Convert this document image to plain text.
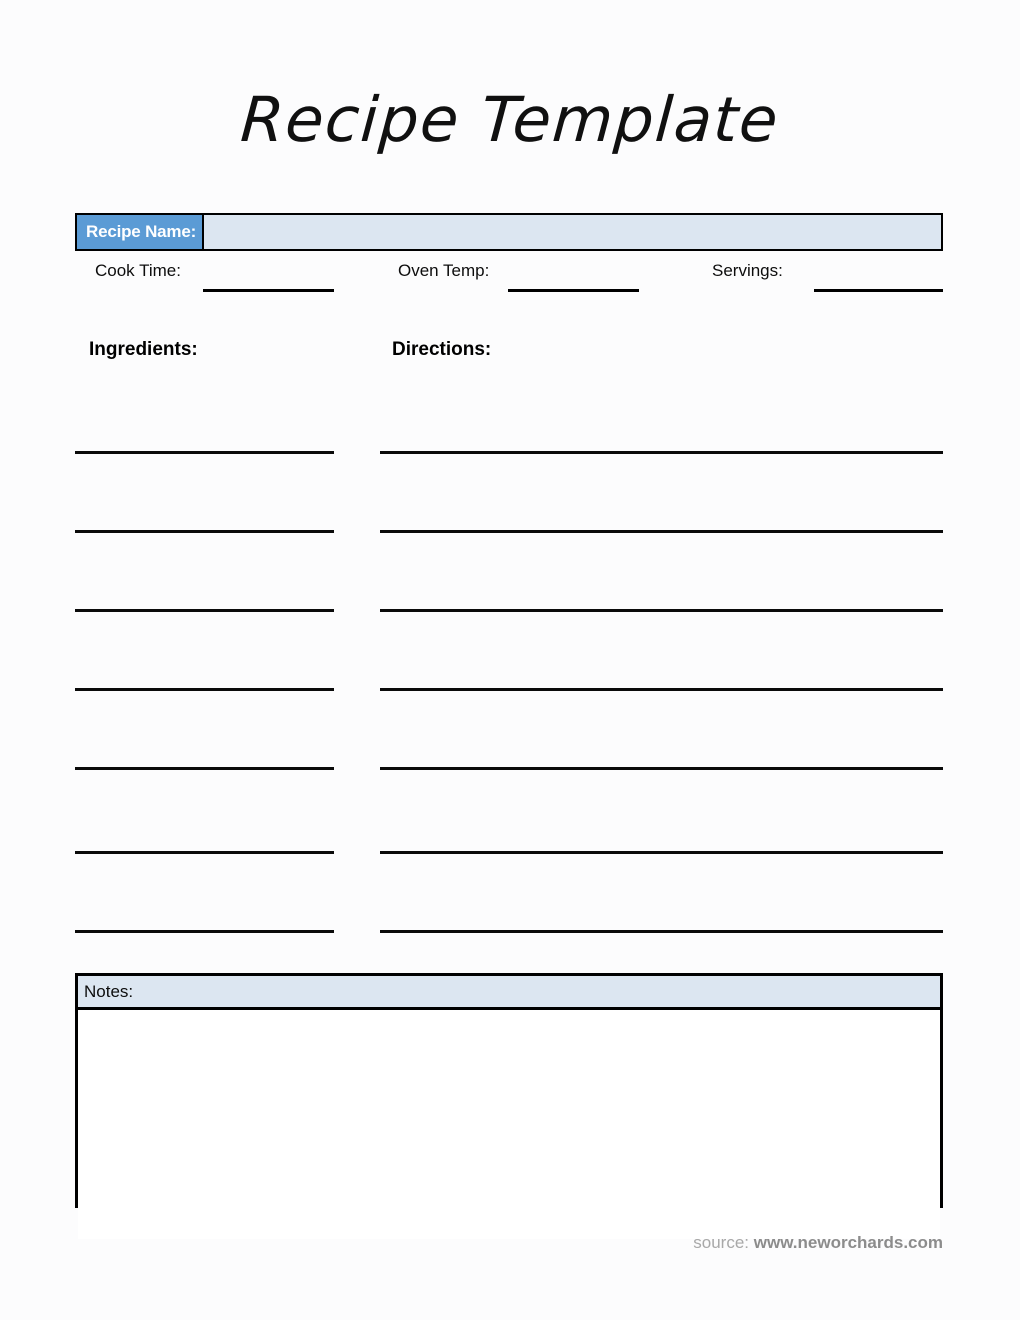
Recipe Template
Recipe Name:
Cook Time:	Oven Temp:	Servings:
Ingredients:	Directions:
Notes:
source: www.neworchards.com
